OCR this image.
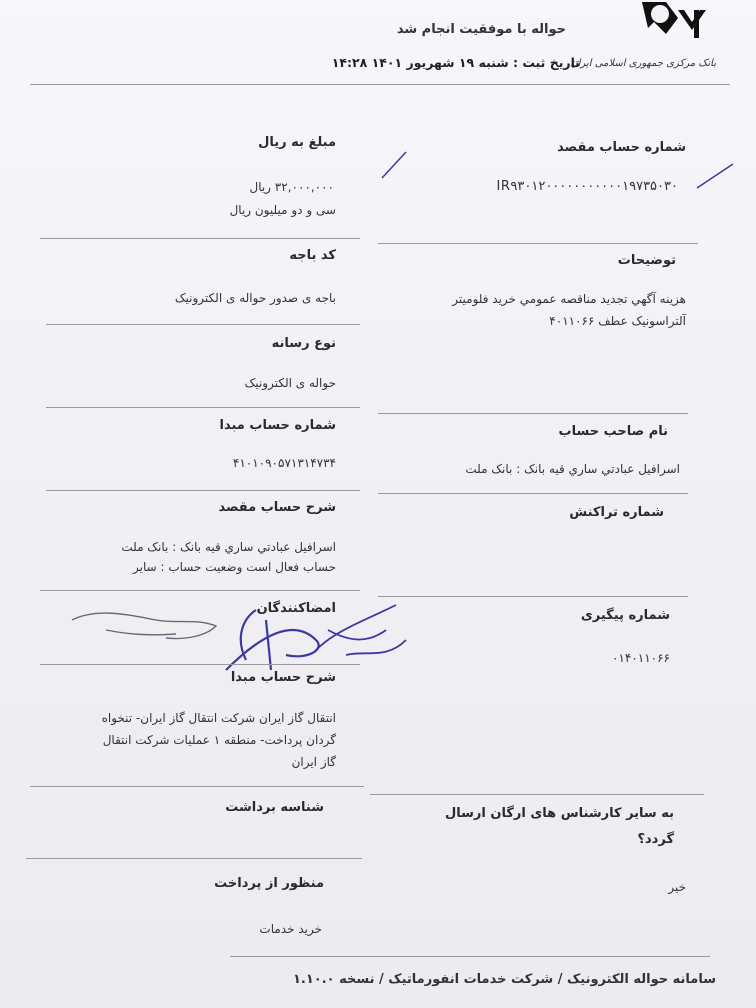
حواله با موفقیت انجام شد
بانک مرکزی جمهوری اسلامی ایران
تاریخ ثبت : شنبه ۱۹ شهریور ۱۴۰۱ ۱۴:۲۸
شماره حساب مقصد
IR۹۳۰۱۲۰۰۰۰۰۰۰۰۰۰۰۱۹۷۳۵۰۳۰
مبلغ به ریال
۳۲,۰۰۰,۰۰۰ ریال
سی و دو میلیون ریال
توضیحات
هزينه آگهي تجديد مناقصه عمومي خريد فلوميتر
آلتراسونيک عطف ۴۰۱۱۰۶۶
کد باجه
باجه ی صدور حواله ی الکترونیک
نوع رسانه
حواله ی الکترونیک
شماره حساب مبدا
۴۱۰۱۰۹۰۵۷۱۳۱۴۷۳۴
نام صاحب حساب
اسرافيل عبادتي ساري قيه بانک : بانک ملت
شرح حساب مقصد
اسرافيل عبادتي ساري قيه بانک : بانک ملت
حساب فعال است وضعیت حساب : سایر
شماره تراکنش
امضاکنندگان	شماره پیگیری
۰۱۴۰۱۱۰۶۶
شرح حساب مبدا
انتقال گاز ايران شرکت انتقال گاز ايران- تنخواه
گردان پرداخت- منطقه ۱ عمليات شرکت انتقال
گاز ايران
شناسه برداشت	به سایر کارشناس های ارگان ارسال
گردد؟
خیر
منظور از پرداخت
خرید خدمات
سامانه حواله الکترونیک / شرکت خدمات انفورماتیک / نسخه ۱.۱۰.۰
